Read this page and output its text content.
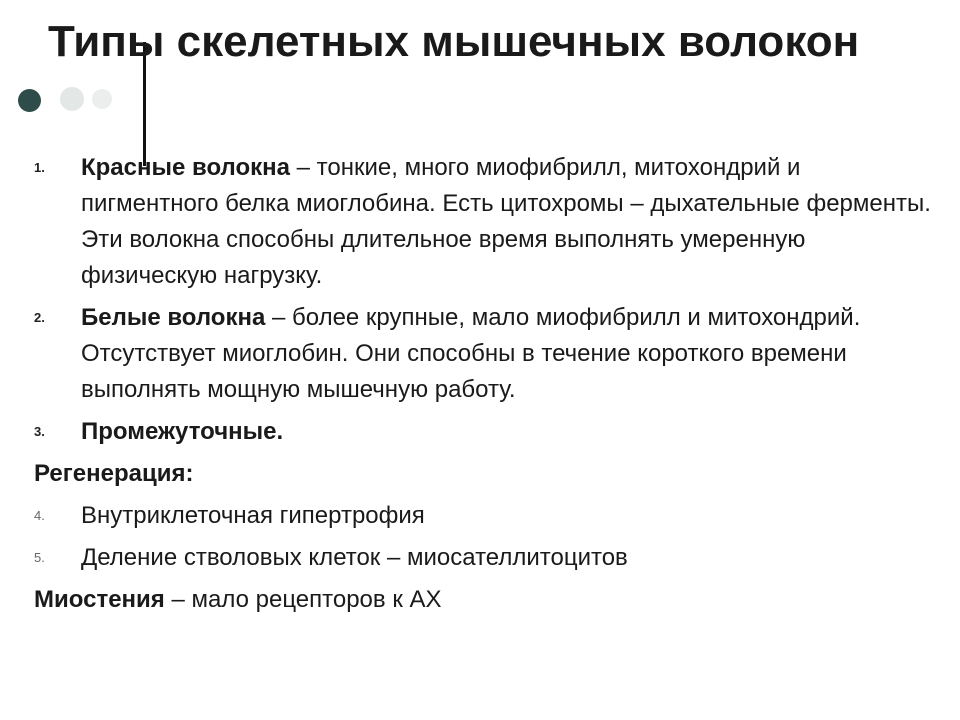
Типы скелетных мышечных волокон
1.	Красные волокна – тонкие, много миофибрилл, митохондрий и пигментного белка миоглобина. Есть цитохромы – дыхательные ферменты. Эти волокна способны длительное время выполнять умеренную физическую нагрузку.
2.	Белые волокна – более крупные, мало миофибрилл и митохондрий. Отсутствует миоглобин. Они способны в течение короткого времени выполнять мощную мышечную работу.
3.	Промежуточные.
Регенерация:
4.	Внутриклеточная гипертрофия
5.	Деление стволовых клеток – миосателлитоцитов
Миостения – мало рецепторов к АХ
